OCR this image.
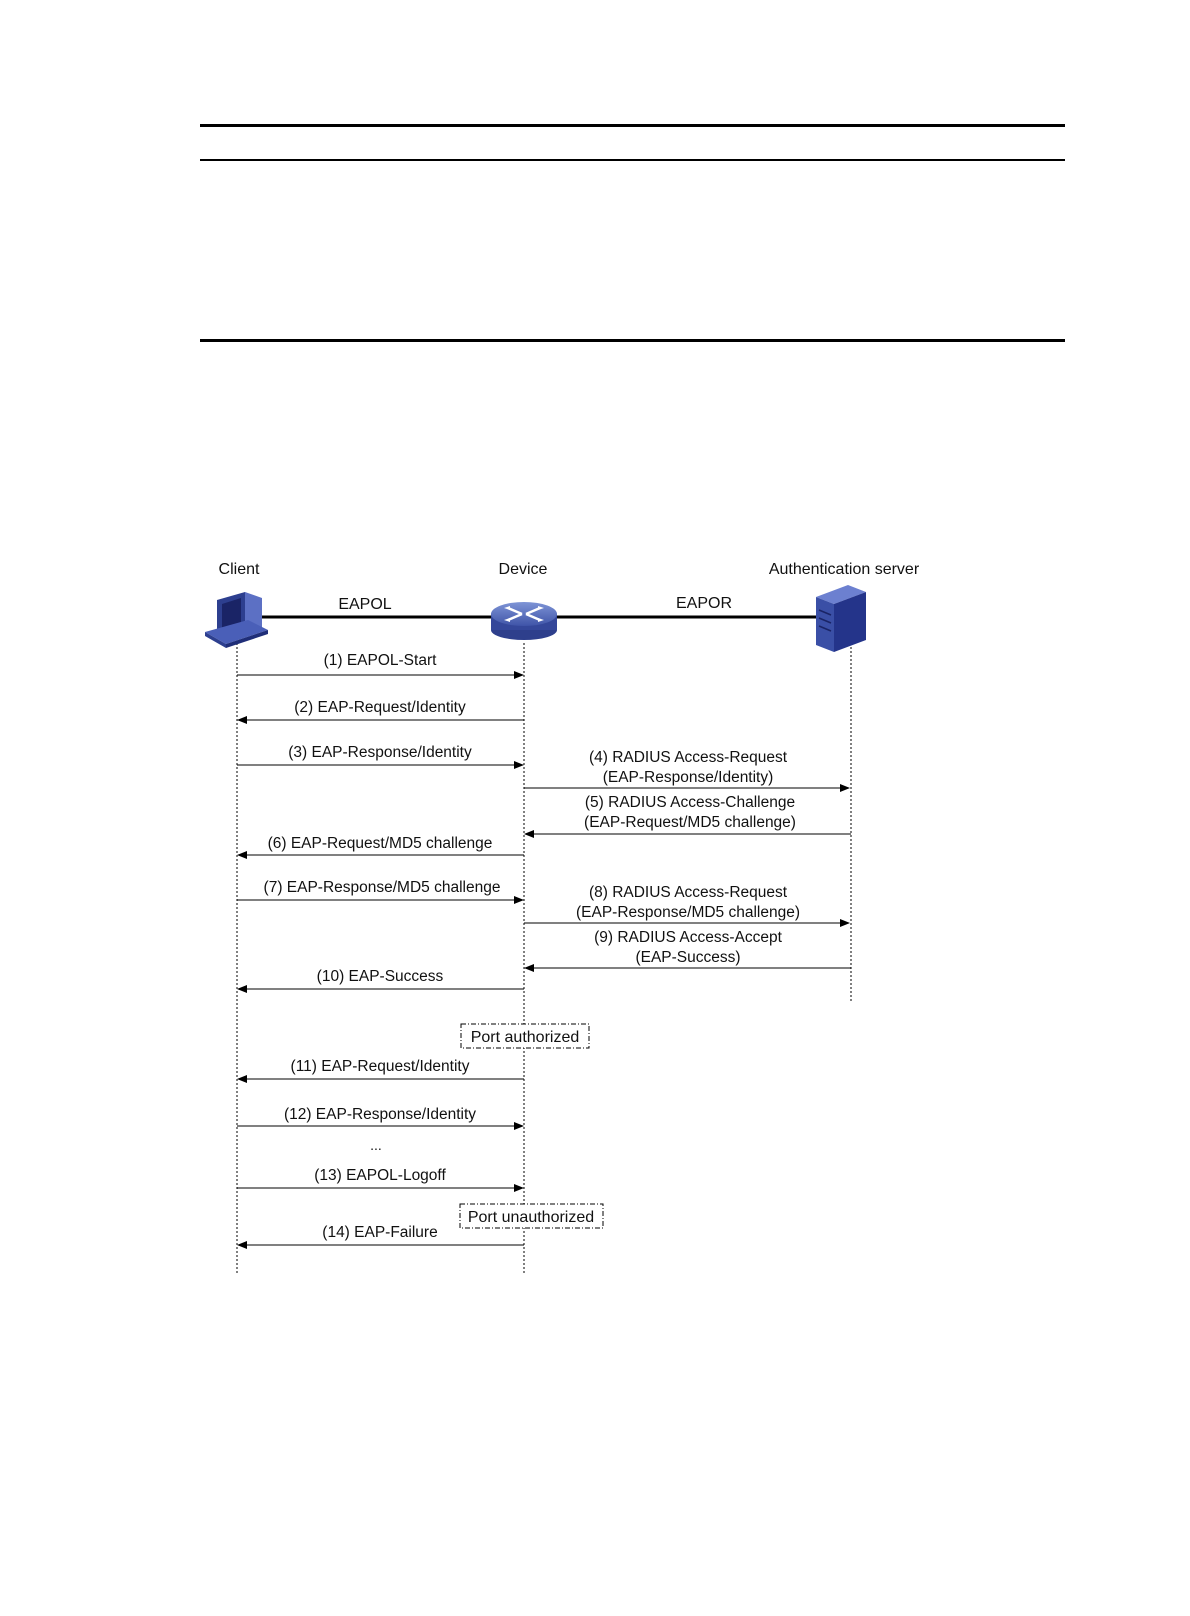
Client	Device	Authentication server
EAPOL	EAPOR
(1) EAPOL-Start
(2) EAP-Request/Identity
(3) EAP-Response/Identity	(4) RADIUS Access-Request
(EAP-Response/Identity)
(5) RADIUS Access-Challenge
(EAP-Request/MD5 challenge)
(6) EAP-Request/MD5 challenge
(7) EAP-Response/MD5 challenge	(8) RADIUS Access-Request
(EAP-Response/MD5 challenge)
(9) RADIUS Access-Accept
(EAP-Success)
(10) EAP-Success
Port authorized
(11) EAP-Request/Identity
(12) EAP-Response/Identity
...
(13) EAPOL-Logoff
Port unauthorized
(14) EAP-Failure
